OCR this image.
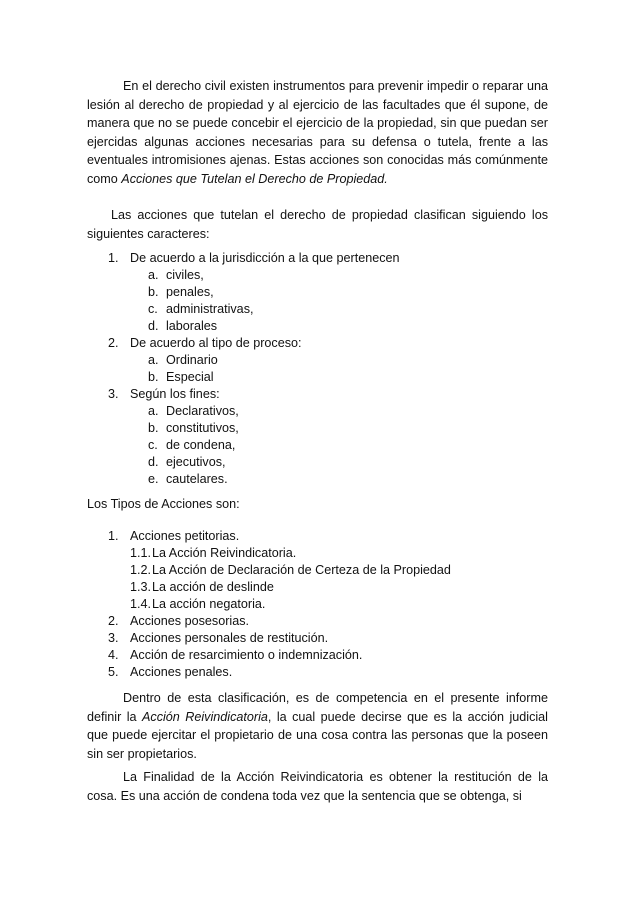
En el derecho civil existen instrumentos para prevenir impedir o reparar una lesión al derecho de propiedad y al ejercicio de las facultades que él supone, de manera que no se puede concebir el ejercicio de la propiedad, sin que puedan ser ejercidas algunas acciones necesarias para su defensa o tutela, frente a las eventuales intromisiones ajenas. Estas acciones son conocidas más comúnmente como Acciones que Tutelan el Derecho de Propiedad.

Las acciones que tutelan el derecho de propiedad clasifican siguiendo los siguientes caracteres:

1. De acuerdo a la jurisdicción a la que pertenecen

a. civiles,

b. penales,

c. administrativas,

d. laborales

2. De acuerdo al tipo de proceso:

a. Ordinario

b. Especial

3. Según los fines:

a. Declarativos,

b. constitutivos,

c. de condena,

d. ejecutivos,

e. cautelares.

Los Tipos de Acciones son:

1. Acciones petitorias.

1.1.La Acción Reivindicatoria.

1.2.La Acción de Declaración de Certeza de la Propiedad

1.3.La acción de deslinde

1.4.La acción negatoria.

2. Acciones posesorias.

3. Acciones personales de restitución.

4. Acción de resarcimiento o indemnización.

5. Acciones penales.

Dentro de esta clasificación, es de competencia en el presente informe definir la Acción Reivindicatoria, la cual puede decirse que es la acción judicial que puede ejercitar el propietario de una cosa contra las personas que la poseen sin ser propietarios.

La Finalidad de la Acción Reivindicatoria es obtener la restitución de la cosa. Es una acción de condena toda vez que la sentencia que se obtenga, si
